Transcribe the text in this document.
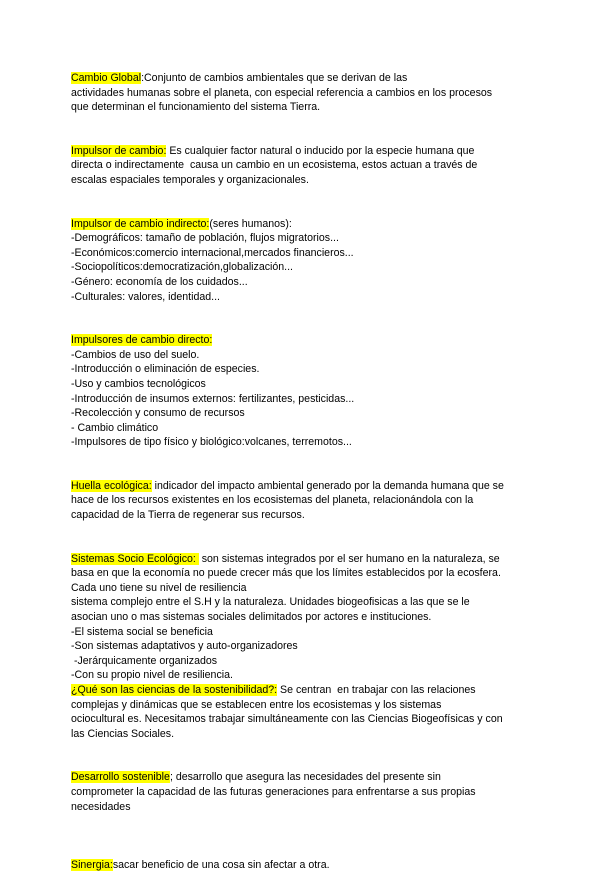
Cambio Global:Conjunto de cambios ambientales que se derivan de las
actividades humanas sobre el planeta, con especial referencia a cambios en los procesos
que determinan el funcionamiento del sistema Tierra.
Impulsor de cambio: Es cualquier factor natural o inducido por la especie humana que
directa o indirectamente  causa un cambio en un ecosistema, estos actuan a través de
escalas espaciales temporales y organizacionales.
Impulsor de cambio indirecto:(seres humanos):
-Demográficos: tamaño de población, flujos migratorios...
-Económicos:comercio internacional,mercados financieros...
-Sociopolíticos:democratización,globalización...
-Género: economía de los cuidados...
-Culturales: valores, identidad...
Impulsores de cambio directo:
-Cambios de uso del suelo.
-Introducción o eliminación de especies.
-Uso y cambios tecnológicos
-Introducción de insumos externos: fertilizantes, pesticidas...
-Recolección y consumo de recursos
- Cambio climático
-Impulsores de tipo físico y biológico:volcanes, terremotos...
Huella ecológica: indicador del impacto ambiental generado por la demanda humana que se
hace de los recursos existentes en los ecosistemas del planeta, relacionándola con la
capacidad de la Tierra de regenerar sus recursos.
Sistemas Socio Ecológico:  son sistemas integrados por el ser humano en la naturaleza, se
basa en que la economía no puede crecer más que los límites establecidos por la ecosfera.
Cada uno tiene su nivel de resiliencia
sistema complejo entre el S.H y la naturaleza. Unidades biogeofisicas a las que se le
asocian uno o mas sistemas sociales delimitados por actores e instituciones.
-El sistema social se beneficia
-Son sistemas adaptativos y auto-organizadores
-Jerárquicamente organizados
-Con su propio nivel de resiliencia.
¿Qué son las ciencias de la sostenibilidad?: Se centran  en trabajar con las relaciones
complejas y dinámicas que se establecen entre los ecosistemas y los sistemas
ociocultural es. Necesitamos trabajar simultáneamente con las Ciencias Biogeofísicas y con
las Ciencias Sociales.
Desarrollo sostenible; desarrollo que asegura las necesidades del presente sin
comprometer la capacidad de las futuras generaciones para enfrentarse a sus propias
necesidades
Sinergia:sacar beneficio de una cosa sin afectar a otra.
